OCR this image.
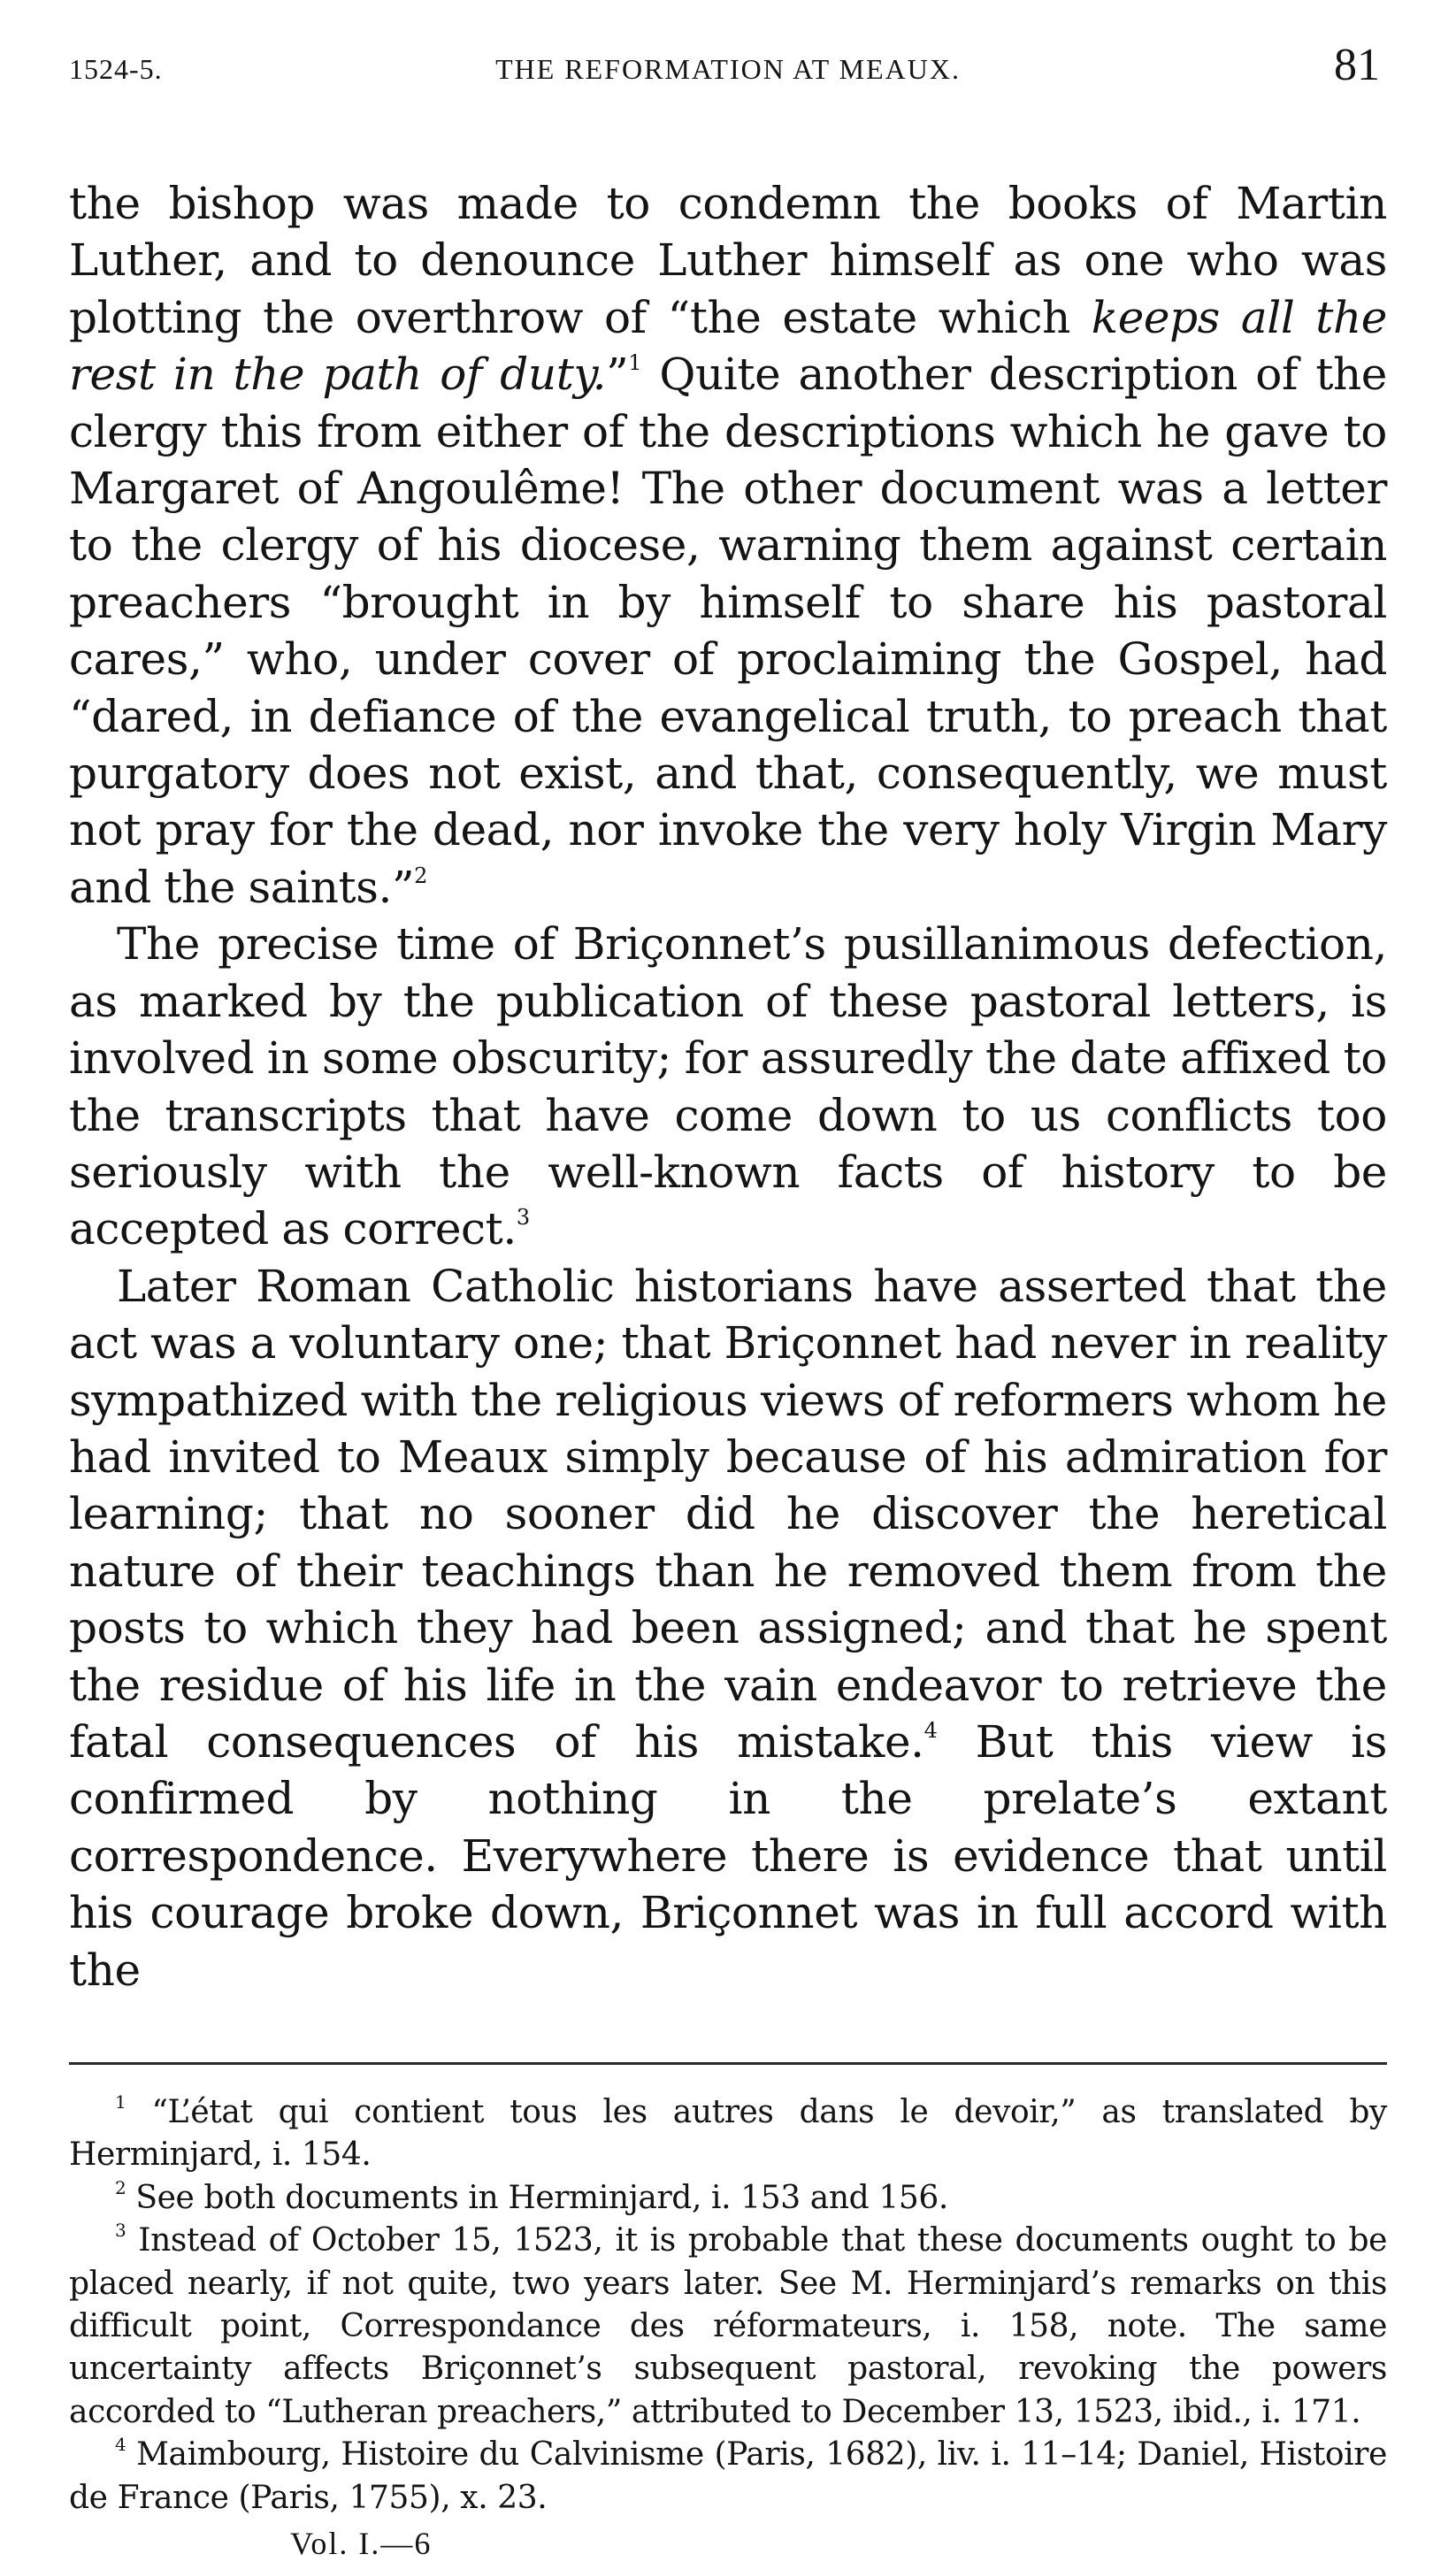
1524-5.	THE REFORMATION AT MEAUX.	81

the bishop was made to condemn the books of Martin Luther, and to denounce Luther himself as one who was plotting the overthrow of “the estate which keeps all the rest in the path of duty.”$^1$ Quite another description of the clergy this from either of the descriptions which he gave to Margaret of Angoulême! The other document was a letter to the clergy of his diocese, warning them against certain preachers “brought in by himself to share his pastoral cares,” who, under cover of proclaiming the Gospel, had “dared, in defiance of the evangelical truth, to preach that purgatory does not exist, and that, consequently, we must not pray for the dead, nor invoke the very holy Virgin Mary and the saints.”$^2$

The precise time of Briçonnet’s pusillanimous defection, as marked by the publication of these pastoral letters, is involved in some obscurity; for assuredly the date affixed to the transcripts that have come down to us conflicts too seriously with the well-known facts of history to be accepted as correct.$^3$

Later Roman Catholic historians have asserted that the act was a voluntary one; that Briçonnet had never in reality sympathized with the religious views of reformers whom he had invited to Meaux simply because of his admiration for learning; that no sooner did he discover the heretical nature of their teachings than he removed them from the posts to which they had been assigned; and that he spent the residue of his life in the vain endeavor to retrieve the fatal consequences of his mistake.$^4$ But this view is confirmed by nothing in the prelate’s extant correspondence. Everywhere there is evidence that until his courage broke down, Briçonnet was in full accord with the

$^1$ “L’état qui contient tous les autres dans le devoir,” as translated by Herminjard, i. 154.

$^2$ See both documents in Herminjard, i. 153 and 156.

$^3$ Instead of October 15, 1523, it is probable that these documents ought to be placed nearly, if not quite, two years later. See M. Herminjard’s remarks on this difficult point, Correspondance des réformateurs, i. 158, note. The same uncertainty affects Briçonnet’s subsequent pastoral, revoking the powers accorded to “Lutheran preachers,” attributed to December 13, 1523, ibid., i. 171.

$^4$ Maimbourg, Histoire du Calvinisme (Paris, 1682), liv. i. 11–14; Daniel, Histoire de France (Paris, 1755), x. 23.

Vol. I.—6
